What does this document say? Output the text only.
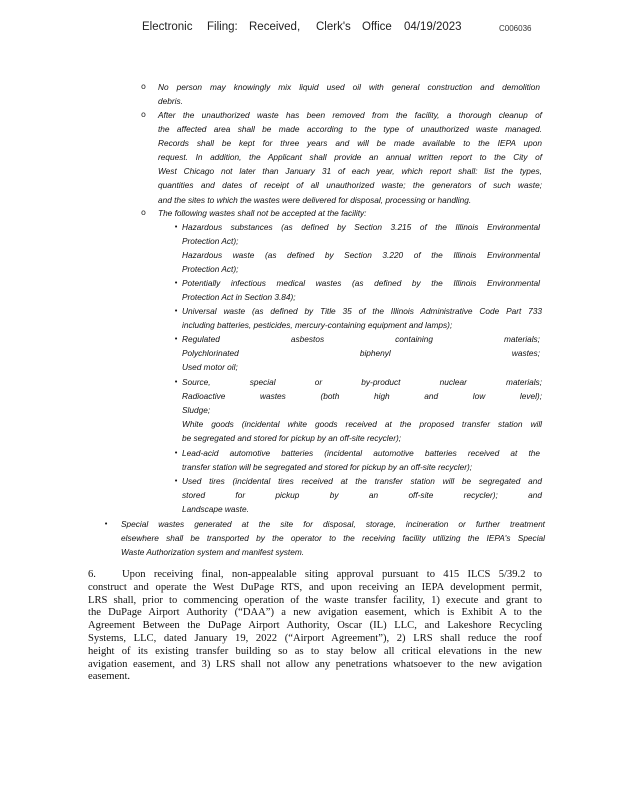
Electronic Filing: Received, Clerk's Office 04/19/2023	C006036
o No person may knowingly mix liquid used oil with general construction and demolition
debris.
o After the unauthorized waste has been removed from the facility, a thorough cleanup of
the affected area shall be made according to the type of unauthorized waste managed.
Records shall be kept for three years and will be made available to the IEPA upon
request. In addition, the Applicant shall provide an annual written report to the City of
West Chicago not later than January 31 of each year, which report shall: list the types,
quantities and dates of receipt of all unauthorized waste; the generators of such waste;
and the sites to which the wastes were delivered for disposal, processing or handling.
o The following wastes shall not be accepted at the facility:
• Hazardous substances (as defined by Section 3.215 of the Illinois Environmental
Protection Act);
Hazardous waste (as defined by Section 3.220 of the Illinois Environmental
Protection Act);
• Potentially infectious medical wastes (as defined by the Illinois Environmental
Protection Act in Section 3.84);
• Universal waste (as defined by Title 35 of the Illinois Administrative Code Part 733
including batteries, pesticides, mercury-containing equipment and lamps);
• Regulated asbestos containing materials;
Polychlorinated biphenyl wastes;
Used motor oil;
• Source, special or by-product nuclear materials;
Radioactive wastes (both high and low level);
Sludge;
White goods (incidental white goods received at the proposed transfer station will
be segregated and stored for pickup by an off-site recycler);
• Lead-acid automotive batteries (incidental automotive batteries received at the
transfer station will be segregated and stored for pickup by an off-site recycler);
• Used tires (incidental tires received at the transfer station will be segregated and
stored for pickup by an off-site recycler); and
Landscape waste.
• Special wastes generated at the site for disposal, storage, incineration or further treatment
elsewhere shall be transported by the operator to the receiving facility utilizing the IEPA's Special
Waste Authorization system and manifest system.
6.	Upon receiving final, non-appealable siting approval pursuant to 415 ILCS 5/39.2 to
construct and operate the West DuPage RTS, and upon receiving an IEPA development permit,
LRS shall, prior to commencing operation of the waste transfer facility, 1) execute and grant to
the DuPage Airport Authority (“DAA”) a new avigation easement, which is Exhibit A to the
Agreement Between the DuPage Airport Authority, Oscar (IL) LLC, and Lakeshore Recycling
Systems, LLC, dated January 19, 2022 (“Airport Agreement”), 2) LRS shall reduce the roof
height of its existing transfer building so as to stay below all critical elevations in the new
avigation easement, and 3) LRS shall not allow any penetrations whatsoever to the new avigation
easement.
